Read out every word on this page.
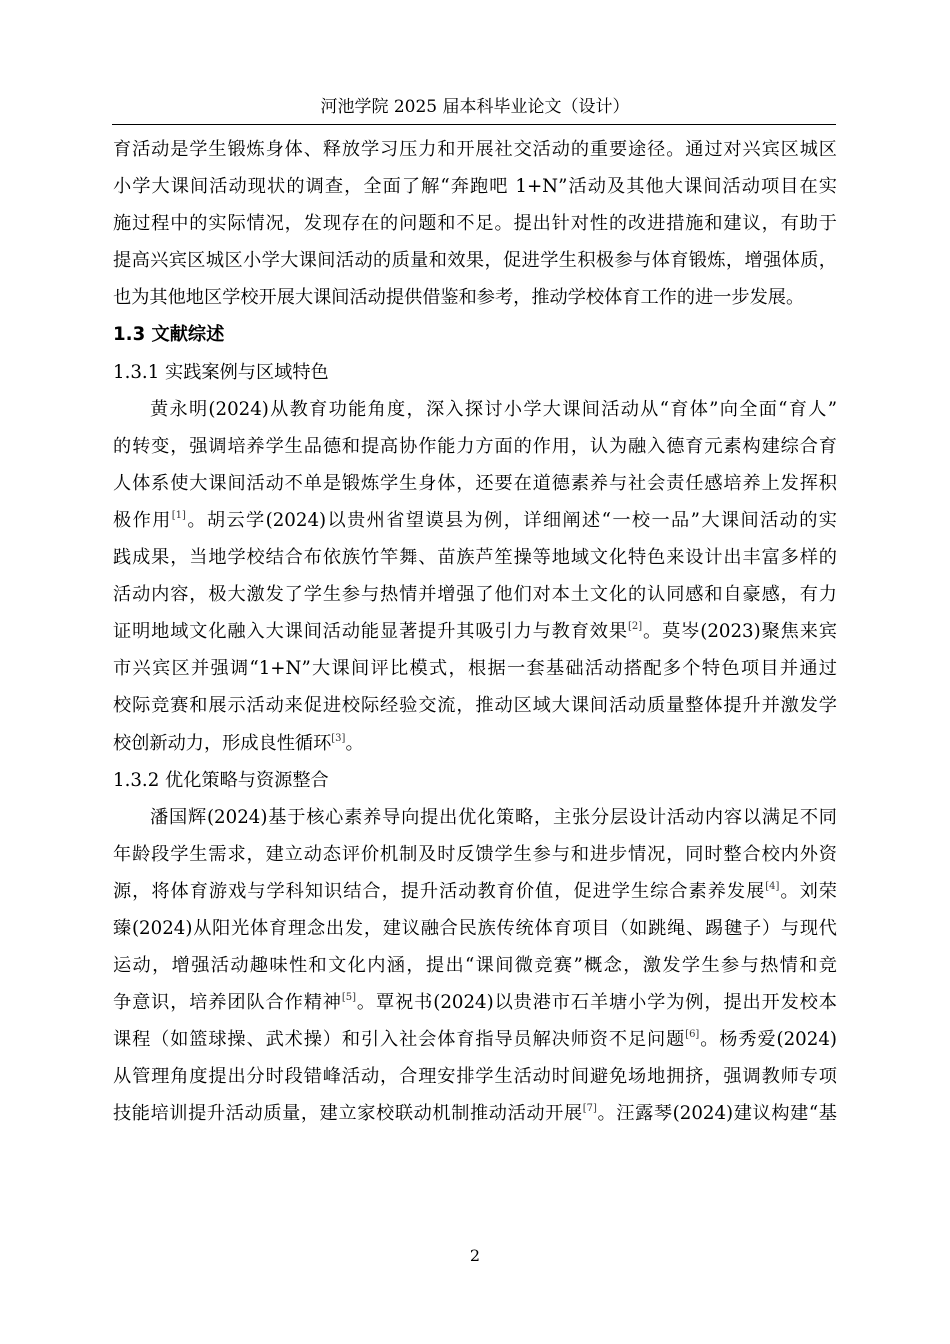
河池学院 2025 届本科毕业论文（设计）
育活动是学生锻炼身体、释放学习压力和开展社交活动的重要途径。通过对兴宾区城区
小学大课间活动现状的调查，全面了解“奔跑吧 1+N”活动及其他大课间活动项目在实
施过程中的实际情况，发现存在的问题和不足。提出针对性的改进措施和建议，有助于
提高兴宾区城区小学大课间活动的质量和效果，促进学生积极参与体育锻炼，增强体质，
也为其他地区学校开展大课间活动提供借鉴和参考，推动学校体育工作的进一步发展。
1.3 文献综述
1.3.1 实践案例与区域特色
黄永明(2024)从教育功能角度，深入探讨小学大课间活动从“育体”向全面“育人”
的转变，强调培养学生品德和提高协作能力方面的作用，认为融入德育元素构建综合育
人体系使大课间活动不单是锻炼学生身体，还要在道德素养与社会责任感培养上发挥积
极作用[1]。胡云学(2024)以贵州省望谟县为例，详细阐述“一校一品”大课间活动的实
践成果，当地学校结合布依族竹竿舞、苗族芦笙操等地域文化特色来设计出丰富多样的
活动内容，极大激发了学生参与热情并增强了他们对本土文化的认同感和自豪感，有力
证明地域文化融入大课间活动能显著提升其吸引力与教育效果[2]。莫岑(2023)聚焦来宾
市兴宾区并强调“1+N”大课间评比模式，根据一套基础活动搭配多个特色项目并通过
校际竞赛和展示活动来促进校际经验交流，推动区域大课间活动质量整体提升并激发学
校创新动力，形成良性循环[3]。
1.3.2 优化策略与资源整合
潘国辉(2024)基于核心素养导向提出优化策略，主张分层设计活动内容以满足不同
年龄段学生需求，建立动态评价机制及时反馈学生参与和进步情况，同时整合校内外资
源，将体育游戏与学科知识结合，提升活动教育价值，促进学生综合素养发展[4]。刘荣
臻(2024)从阳光体育理念出发，建议融合民族传统体育项目（如跳绳、踢毽子）与现代
运动，增强活动趣味性和文化内涵，提出“课间微竞赛”概念，激发学生参与热情和竞
争意识，培养团队合作精神[5]。覃祝书(2024)以贵港市石羊塘小学为例，提出开发校本
课程（如篮球操、武术操）和引入社会体育指导员解决师资不足问题[6]。杨秀爱(2024)
从管理角度提出分时段错峰活动，合理安排学生活动时间避免场地拥挤，强调教师专项
技能培训提升活动质量，建立家校联动机制推动活动开展[7]。汪露琴(2024)建议构建“基
2
